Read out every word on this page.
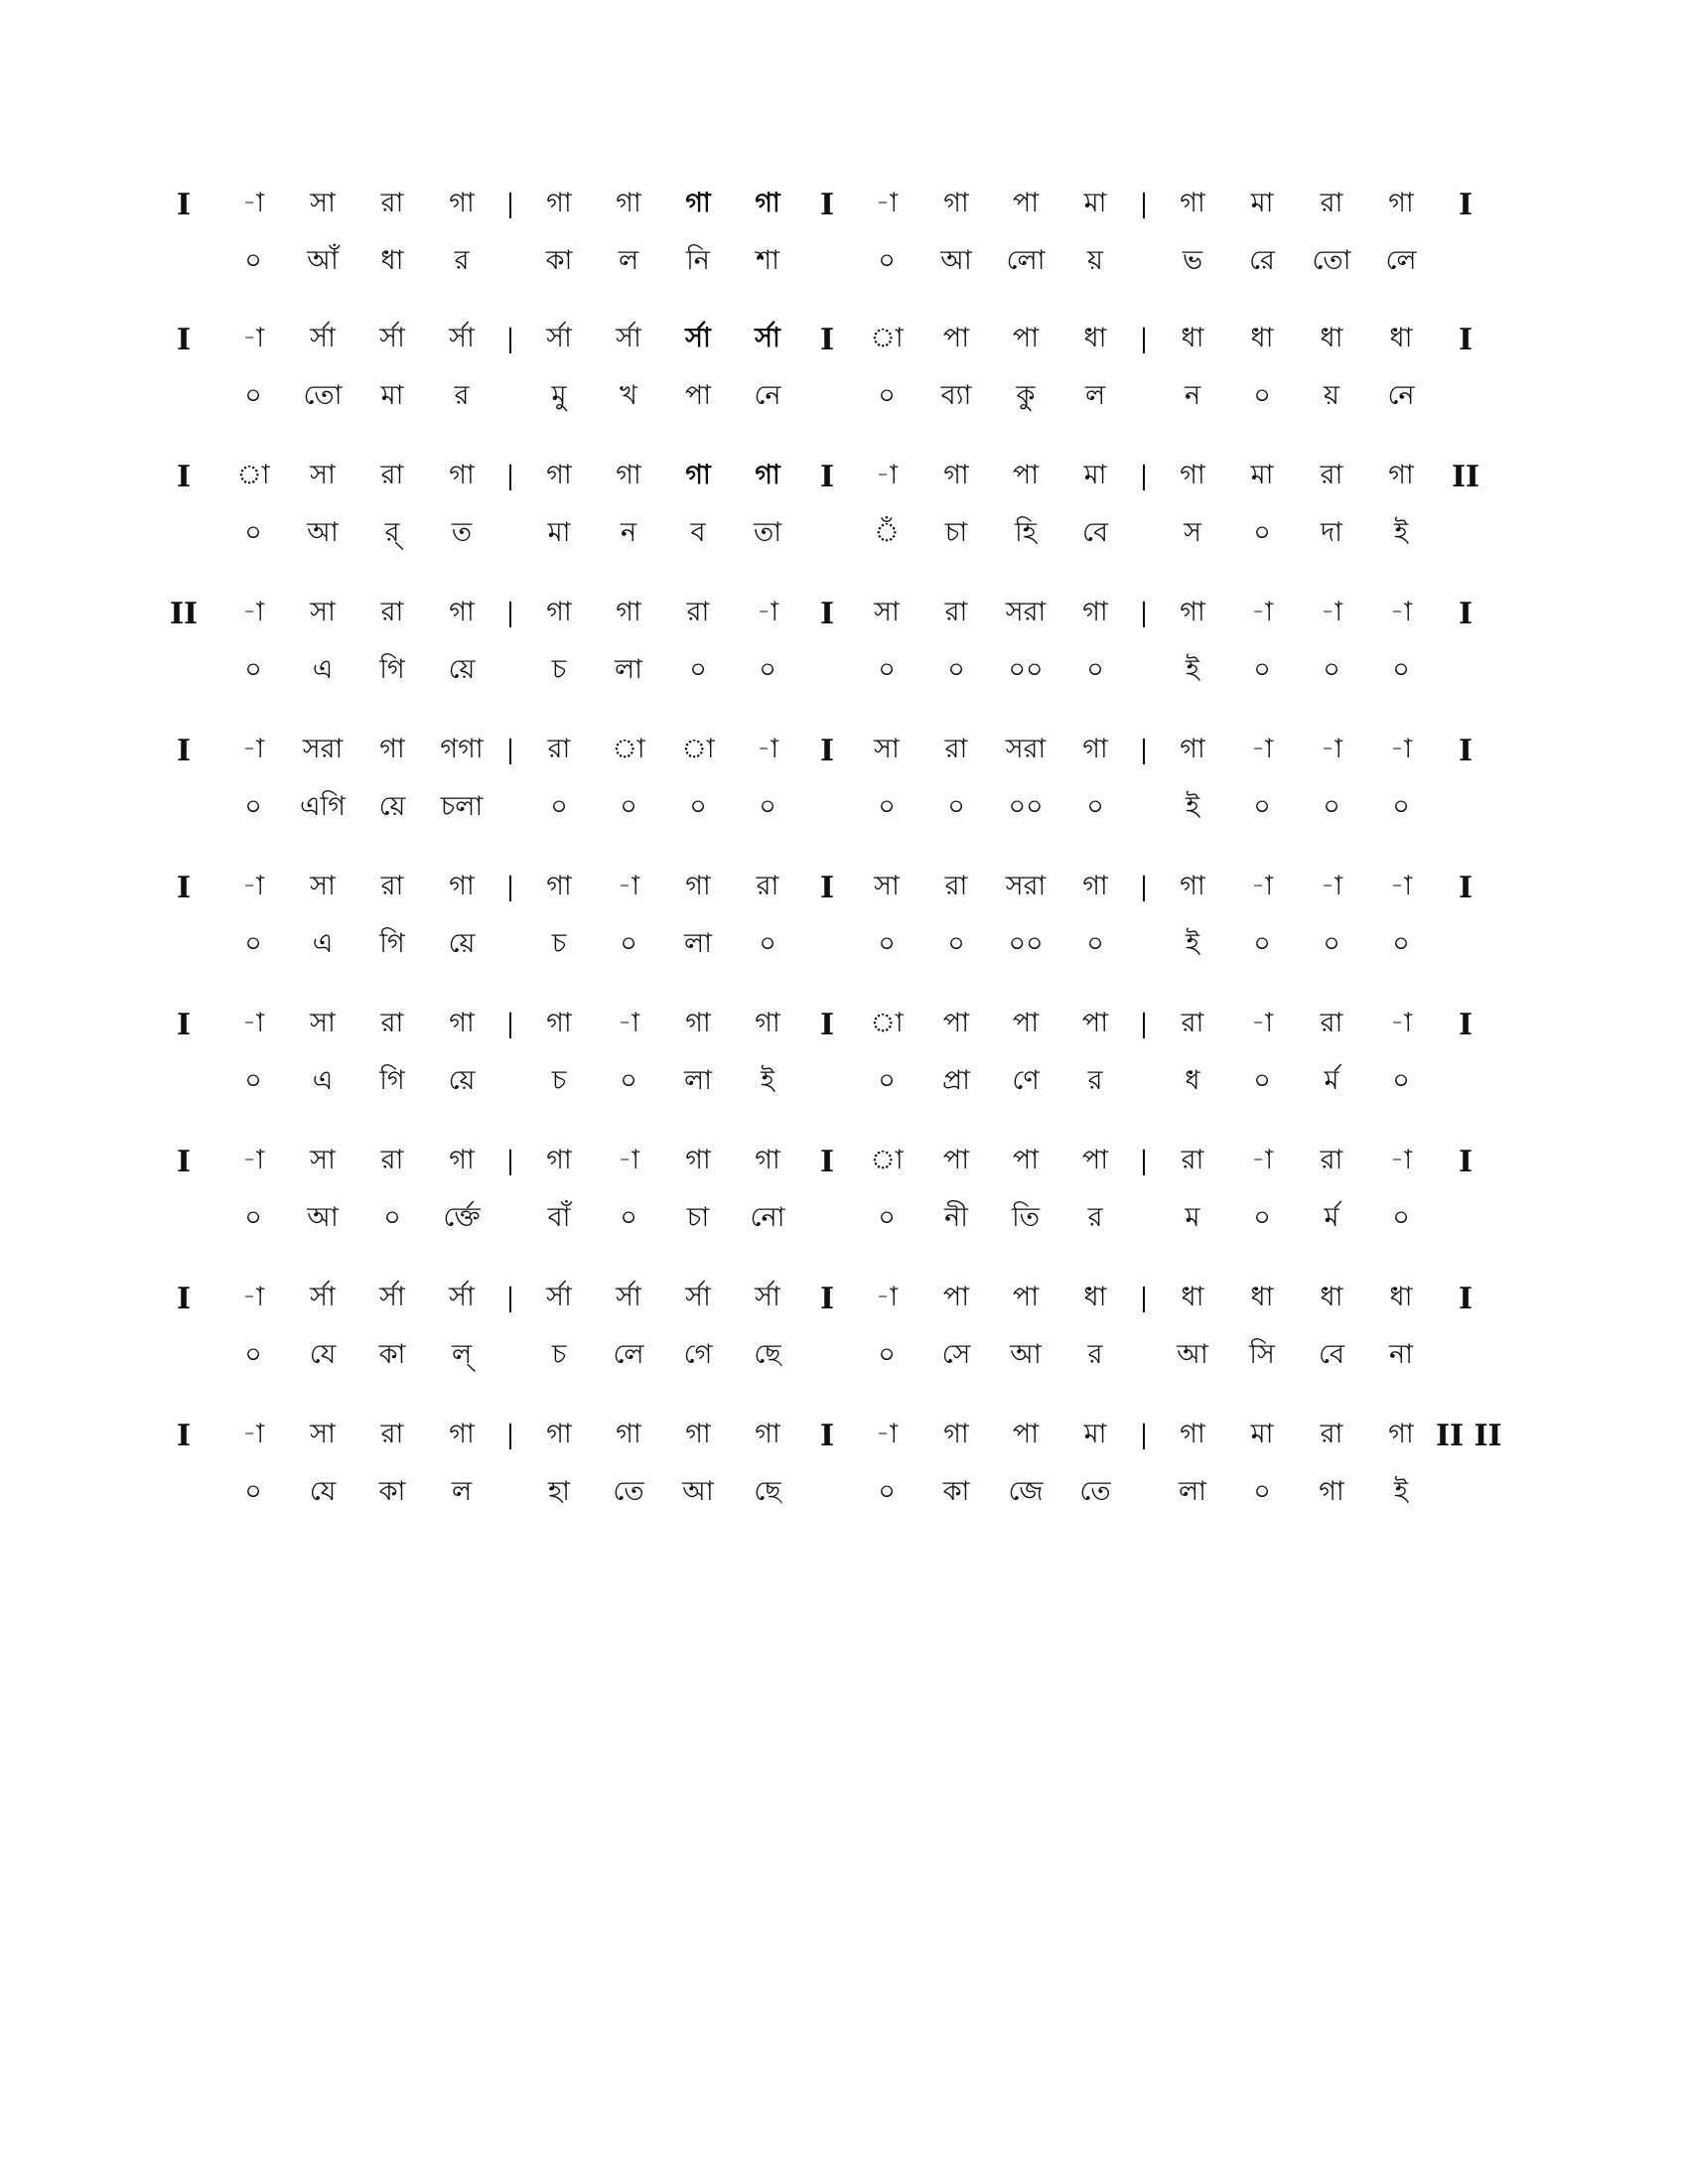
I	-া	সা	রা	গা	|	গা	গা	গা	গা	I	-া	গা	পা	মা	|	গা	মা	রা	গা	I
০	আঁ	ধা	র	কা	ল	নি	শা	০	আ	লো	য়	ভ	রে	তো	লে
I	-া	র্সা	র্সা	র্সা	|	র্সা	র্সা	র্সা	র্সা	I	া	পা	পা	ধা	|	ধা	ধা	ধা	ধা	I
০	তো	মা	র	মু	খ	পা	নে	০	ব্যা	কু	ল	ন	০	য়	নে
I	া	সা	রা	গা	|	গা	গা	গা	গা	I	-া	গা	পা	মা	|	গা	মা	রা	গা	II
০	আ	র্	ত	মা	ন	ব	তা	ঁ	চা	হি	বে	স	০	দা	ই
II	-া	সা	রা	গা	|	গা	গা	রা	-া	I	সা	রা	সরা	গা	|	গা	-া	-া	-া	I
০	এ	গি	য়ে	চ	লা	০	০	০	০	০০	০	ই	০	০	০
I	-া	সরা	গা	গগা |	রা	া	া	-া	I	সা	রা	সরা	গা	|	গা	-া	-া	-া	I
০	এগি	য়ে	চলা	০	০	০	০	০	০	০০	০	ই	০	০	০
I	-া	সা	রা	গা	|	গা	-া	গা	রা	I	সা	রা	সরা	গা	|	গা	-া	-া	-া	I
০	এ	গি	য়ে	চ	০	লা	০	০	০	০০	০	ই	০	০	০
I	-া	সা	রা	গা	|	গা	-া	গা	গা	I	া	পা	পা	পা	|	রা	-া	রা	-া	I
০	এ	গি	য়ে	চ	০	লা	ই	০	প্রা	ণে	র	ধ	০	র্ম	০
I	-া	সা	রা	গা	|	গা	-া	গা	গা	I	া	পা	পা	পা	|	রা	-া	রা	-া	I
০	আ	০	র্ক্তে	বাঁ	০	চা	নো	০	নী	তি	র	ম	০	র্ম	০
I	-া	র্সা	র্সা	র্সা	|	র্সা	র্সা	র্সা	র্সা	I	-া	পা	পা	ধা	|	ধা	ধা	ধা	ধা	I
০	যে	কা	ল্	চ	লে	গে	ছে	০	সে	আ	র	আ	সি	বে	না
I	-া	সা	রা	গা	|	গা	গা	গা	গা	I	-া	গা	পা	মা	|	গা	মা	রা	গা II II
০	যে	কা	ল	হা	তে	আ	ছে	০	কা	জে	তে	লা	০	গা	ই
